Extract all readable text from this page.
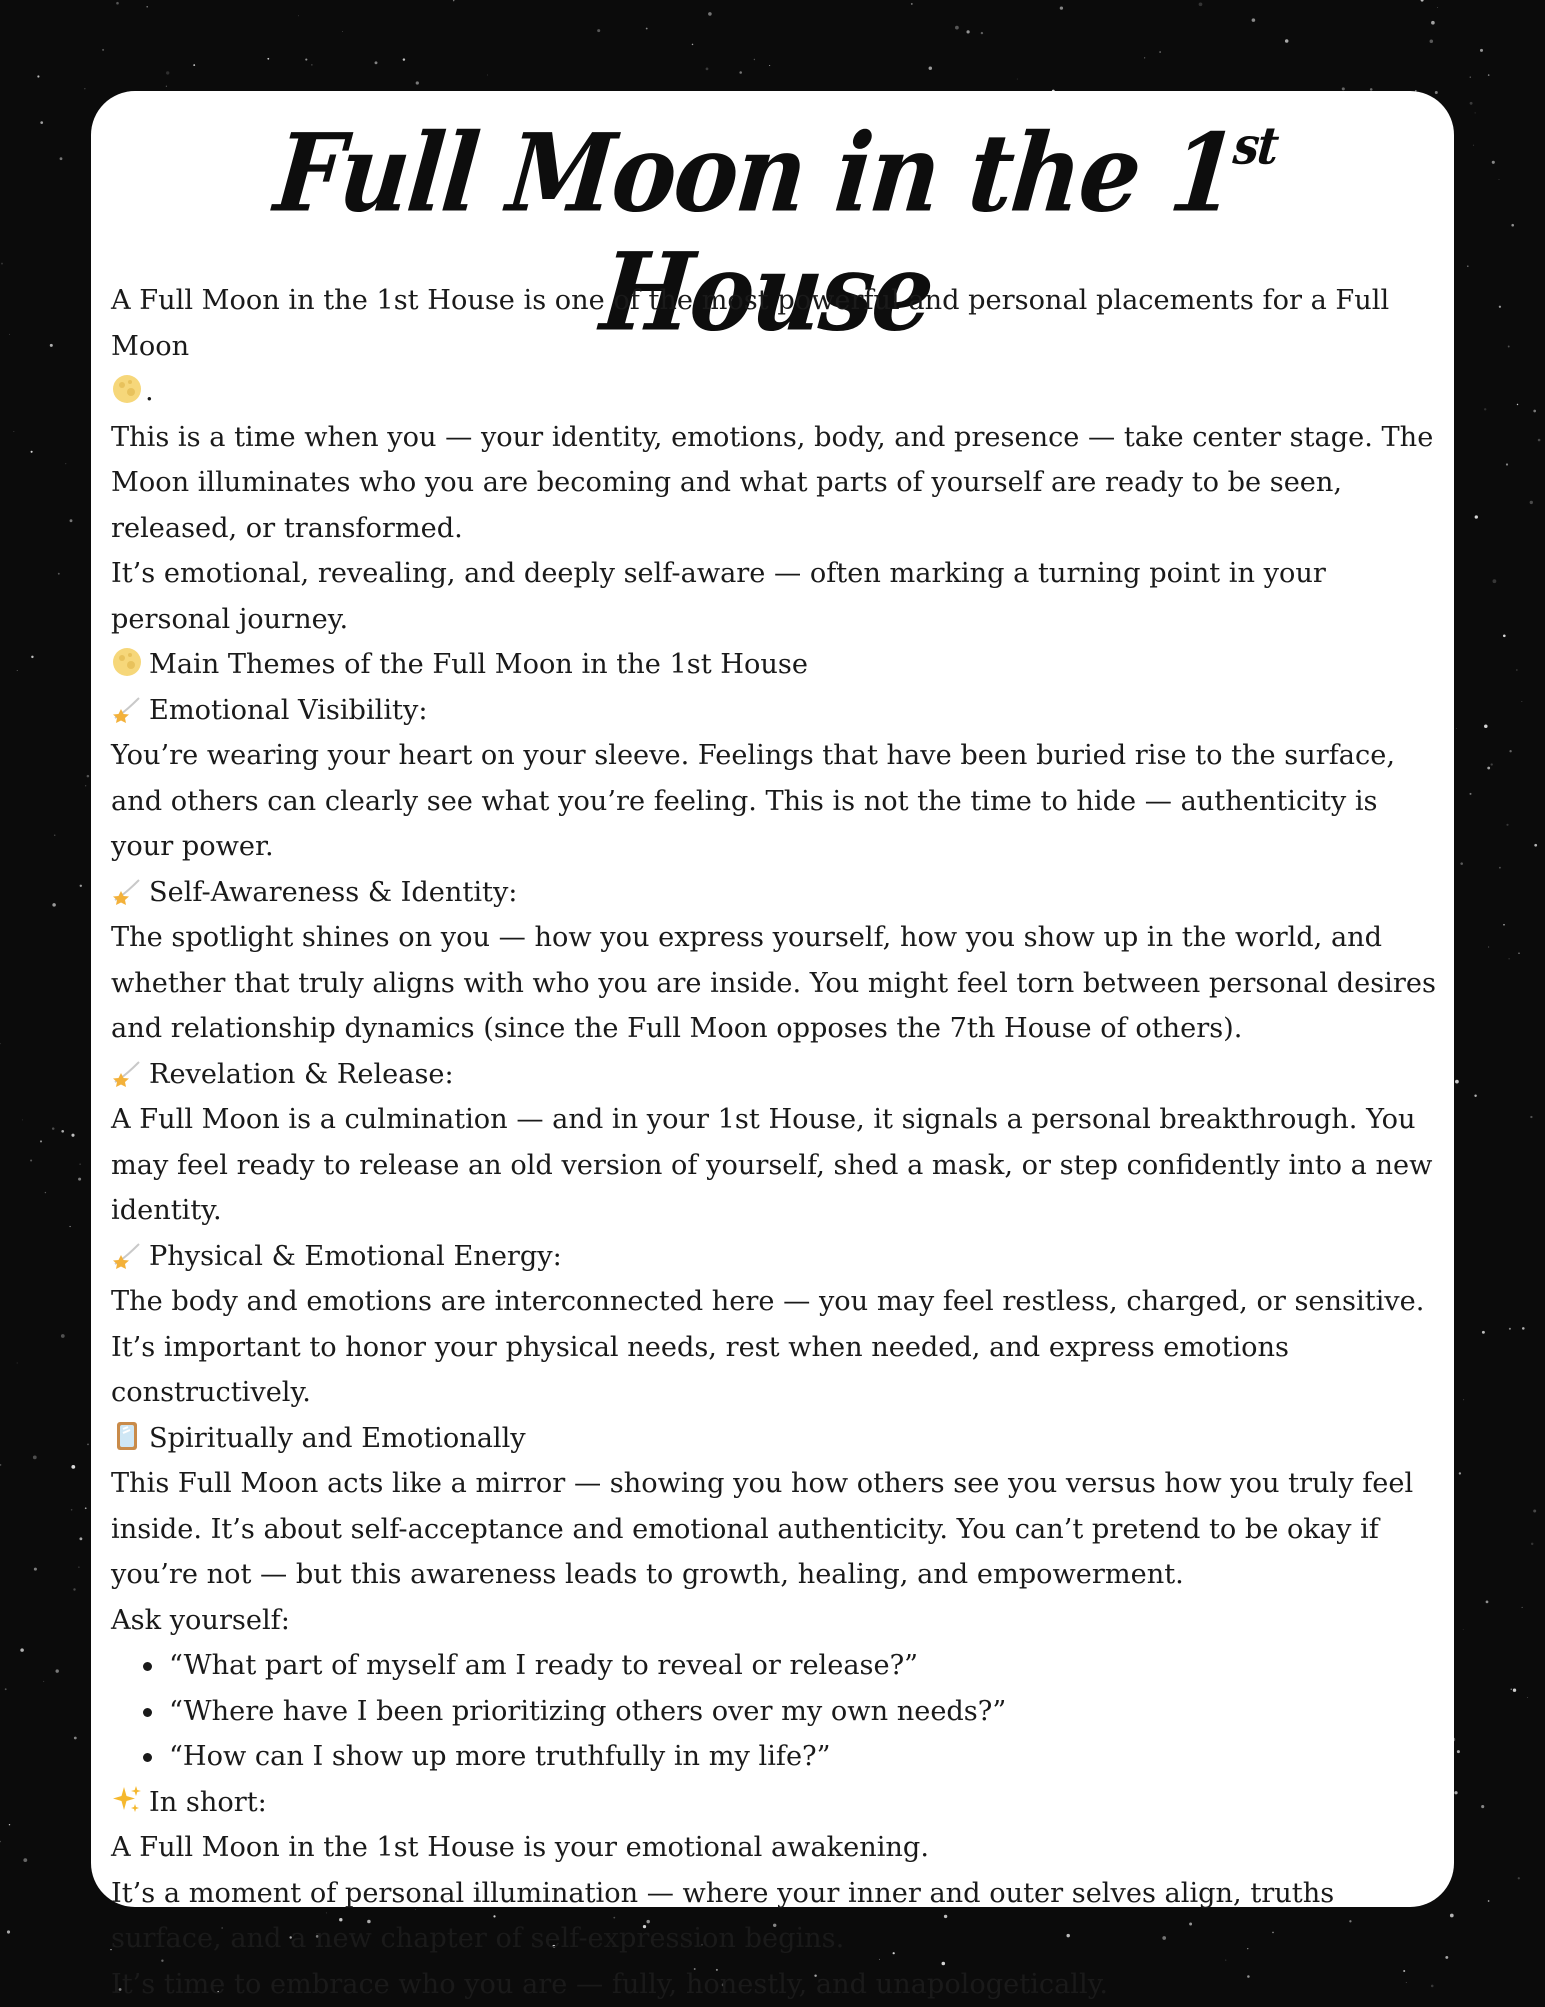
Full Moon in the 1st House

A Full Moon in the 1st House is one of the most powerful and personal placements for a Full Moon
.

This is a time when you — your identity, emotions, body, and presence — take center stage. The Moon illuminates who you are becoming and what parts of yourself are ready to be seen, released, or transformed.

It’s emotional, revealing, and deeply self-aware — often marking a turning point in your personal journey.

Main Themes of the Full Moon in the 1st House

Emotional Visibility:

You’re wearing your heart on your sleeve. Feelings that have been buried rise to the surface, and others can clearly see what you’re feeling. This is not the time to hide — authenticity is your power.

Self-Awareness & Identity:

The spotlight shines on you — how you express yourself, how you show up in the world, and whether that truly aligns with who you are inside. You might feel torn between personal desires and relationship dynamics (since the Full Moon opposes the 7th House of others).

Revelation & Release:

A Full Moon is a culmination — and in your 1st House, it signals a personal breakthrough. You may feel ready to release an old version of yourself, shed a mask, or step confidently into a new identity.

Physical & Emotional Energy:

The body and emotions are interconnected here — you may feel restless, charged, or sensitive. It’s important to honor your physical needs, rest when needed, and express emotions constructively.

Spiritually and Emotionally

This Full Moon acts like a mirror — showing you how others see you versus how you truly feel inside. It’s about self-acceptance and emotional authenticity. You can’t pretend to be okay if you’re not — but this awareness leads to growth, healing, and empowerment.

Ask yourself:

“What part of myself am I ready to reveal or release?”
“Where have I been prioritizing others over my own needs?”
“How can I show up more truthfully in my life?”

In short:

A Full Moon in the 1st House is your emotional awakening.

It’s a moment of personal illumination — where your inner and outer selves align, truths surface, and a new chapter of self-expression begins.

It’s time to embrace who you are — fully, honestly, and unapologetically.
